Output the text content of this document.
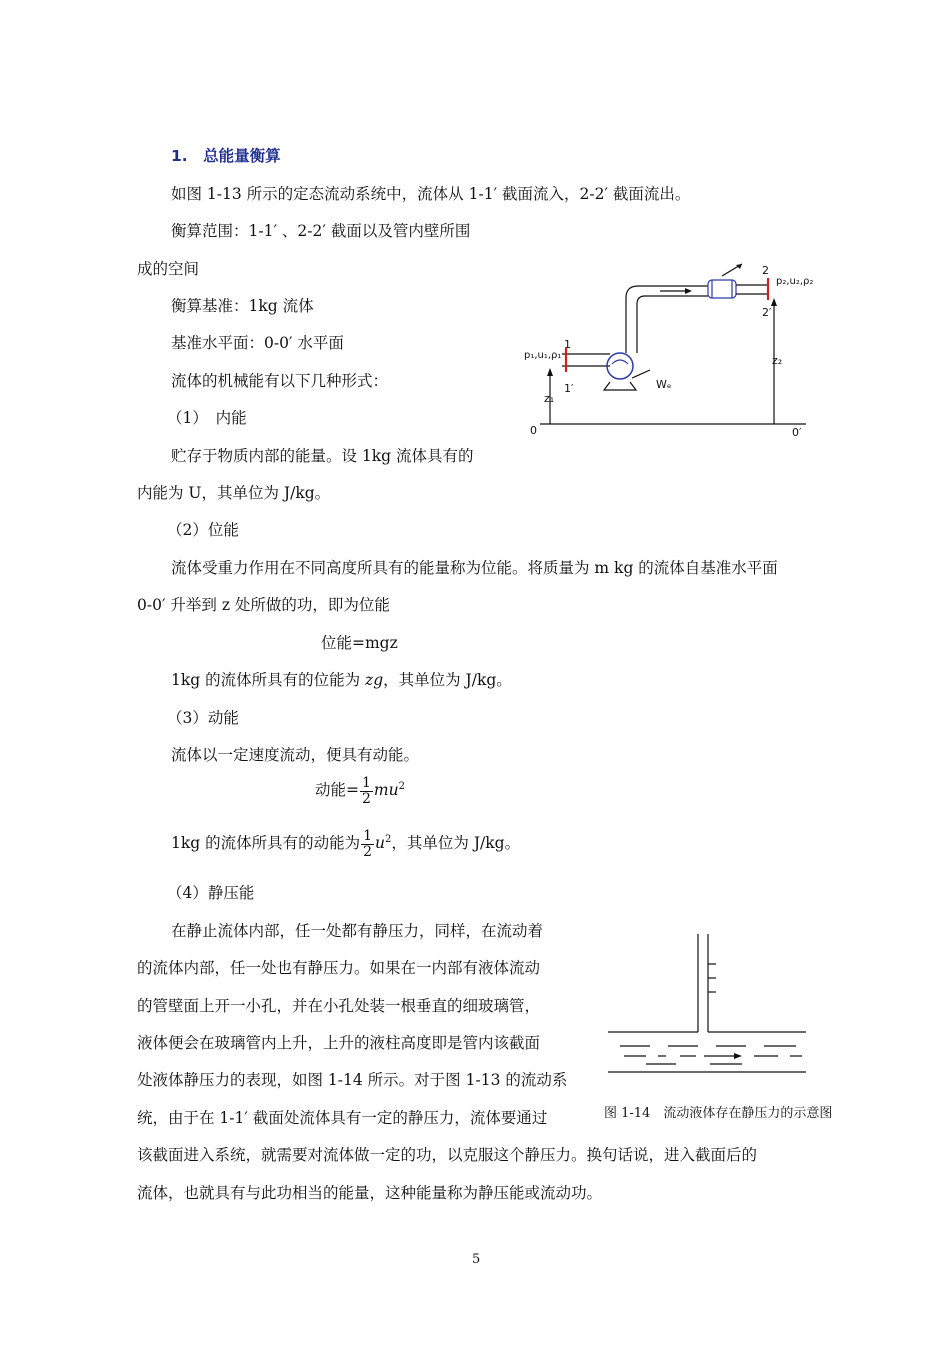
1.　总能量衡算
如图 1-13 所示的定态流动系统中，流体从 1-1′ 截面流入，2-2′ 截面流出。
衡算范围：1-1′ 、2-2′ 截面以及管内壁所围
成的空间
衡算基准：1kg 流体
基准水平面：0-0′ 水平面
流体的机械能有以下几种形式：
（1）　内能
贮存于物质内部的能量。设 1kg 流体具有的
内能为 U，其单位为 J/kg。
（2）位能
流体受重力作用在不同高度所具有的能量称为位能。将质量为 m kg 的流体自基准水平面
0-0′ 升举到 z 处所做的功，即为位能
位能=mgz
1kg 的流体所具有的位能为 zg，其单位为 J/kg。
（3）动能
流体以一定速度流动，便具有动能。
动能= $\frac{1}{2} mu^2$
1kg 的流体所具有的动能为 $\frac{1}{2} u^2$，其单位为 J/kg。
（4）静压能
在静止流体内部，任一处都有静压力，同样，在流动着
的流体内部，任一处也有静压力。如果在一内部有液体流动
的管壁面上开一小孔，并在小孔处装一根垂直的细玻璃管，
液体便会在玻璃管内上升，上升的液柱高度即是管内该截面
处液体静压力的表现，如图 1-14 所示。对于图 1-13 的流动系
统，由于在 1-1′ 截面处流体具有一定的静压力，流体要通过
该截面进入系统，就需要对流体做一定的功，以克服这个静压力。换句话说，进入截面后的
流体，也就具有与此功相当的能量，这种能量称为静压能或流动功。
2
p₂,u₂,ρ₂
2′
1
p₁,u₁,ρ₁
1′
z₁
z₂
Wₑ
0	0′
图 1-14　流动液体存在静压力的示意图
5
